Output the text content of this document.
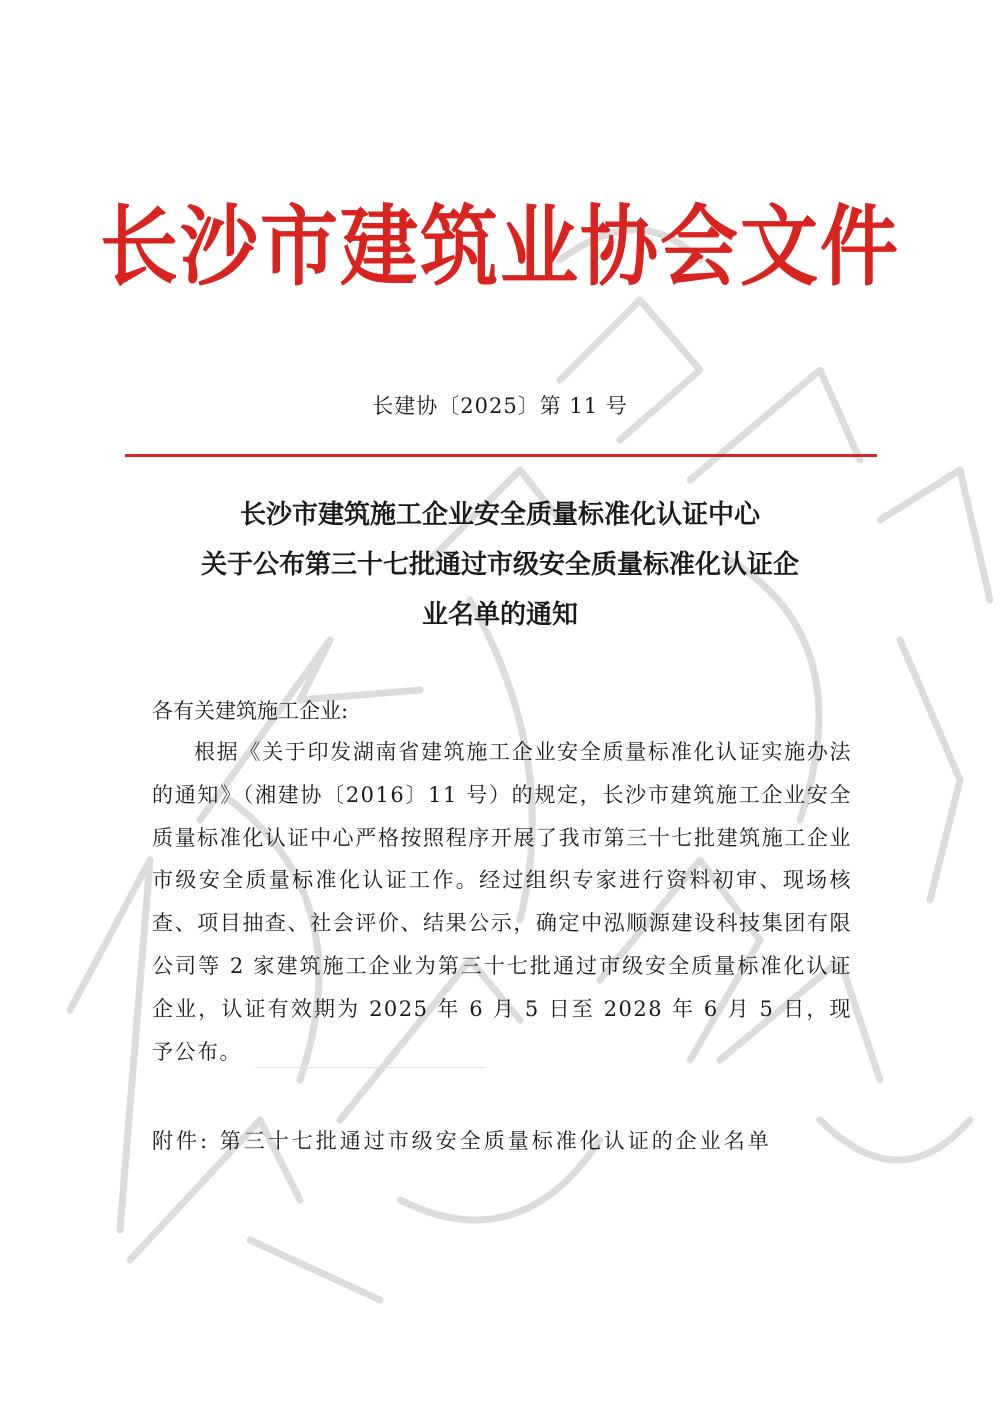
长沙市建筑业协会文件
长建协〔2025〕第 11 号
长沙市建筑施工企业安全质量标准化认证中心
关于公布第三十七批通过市级安全质量标准化认证企
业名单的通知
各有关建筑施工企业:
根据《关于印发湖南省建筑施工企业安全质量标准化认证实施办法的通知》（湘建协〔2016〕11 号）的规定，长沙市建筑施工企业安全质量标准化认证中心严格按照程序开展了我市第三十七批建筑施工企业市级安全质量标准化认证工作。经过组织专家进行资料初审、现场核查、项目抽查、社会评价、结果公示，确定中泓顺源建设科技集团有限公司等 2 家建筑施工企业为第三十七批通过市级安全质量标准化认证企业，认证有效期为 2025 年 6 月 5 日至 2028 年 6 月 5 日，现予公布。
附件: 第三十七批通过市级安全质量标准化认证的企业名单
